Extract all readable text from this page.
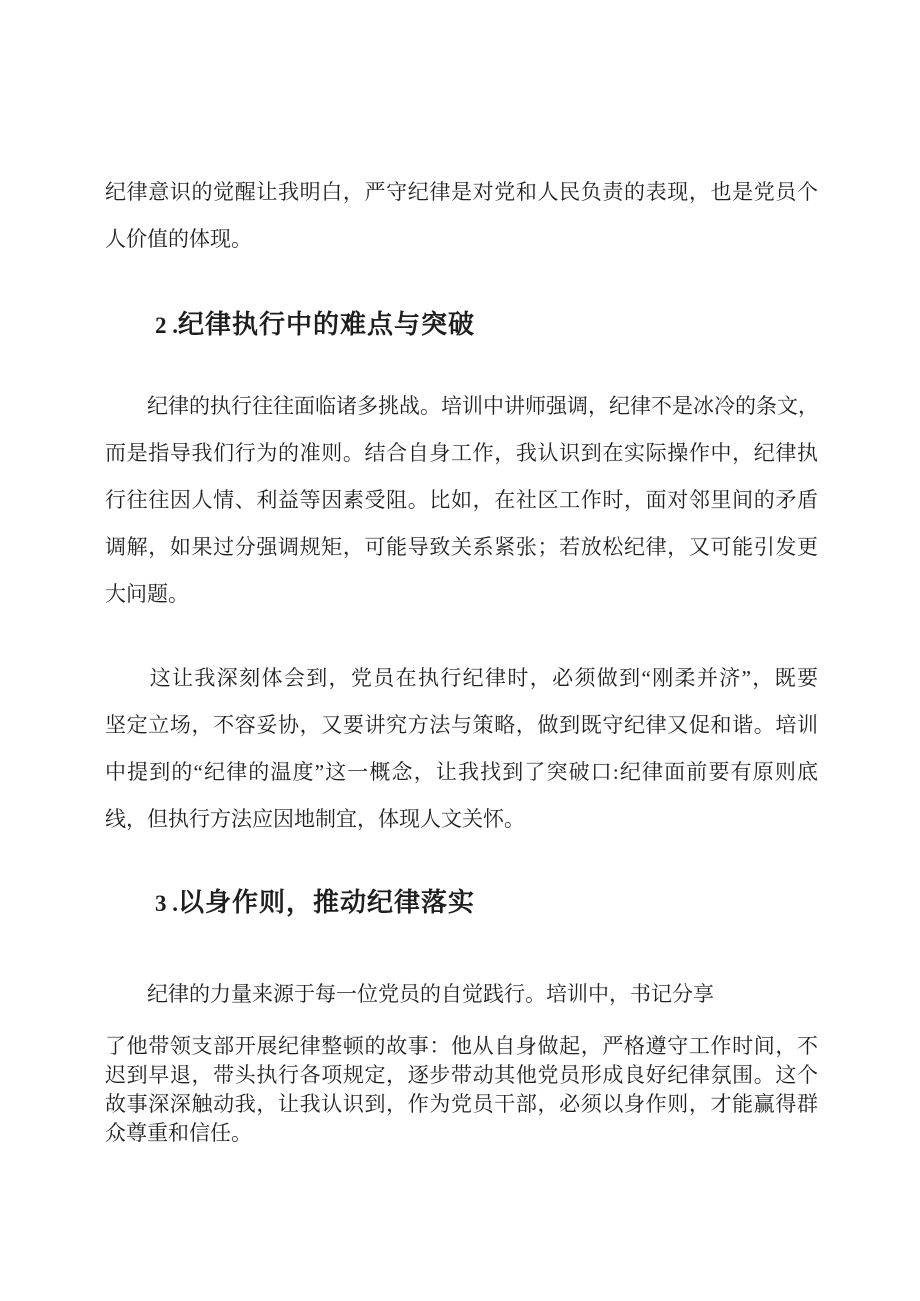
纪律意识的觉醒让我明白，严守纪律是对党和人民负责的表现，也是党员个
人价值的体现。
2 .纪律执行中的难点与突破
　　纪律的执行往往面临诸多挑战。培训中讲师强调，纪律不是冰冷的条文，
而是指导我们行为的准则。结合自身工作，我认识到在实际操作中，纪律执
行往往因人情、利益等因素受阻。比如，在社区工作时，面对邻里间的矛盾
调解，如果过分强调规矩，可能导致关系紧张；若放松纪律，又可能引发更
大问题。
　　这让我深刻体会到，党员在执行纪律时，必须做到“刚柔并济”，既要
坚定立场，不容妥协，又要讲究方法与策略，做到既守纪律又促和谐。培训
中提到的“纪律的温度”这一概念，让我找到了突破口:纪律面前要有原则底
线，但执行方法应因地制宜，体现人文关怀。
3 .以身作则，推动纪律落实
　　纪律的力量来源于每一位党员的自觉践行。培训中，书记分享
了他带领支部开展纪律整顿的故事：他从自身做起，严格遵守工作时间，不
迟到早退，带头执行各项规定，逐步带动其他党员形成良好纪律氛围。这个
故事深深触动我，让我认识到，作为党员干部，必须以身作则，才能赢得群
众尊重和信任。
